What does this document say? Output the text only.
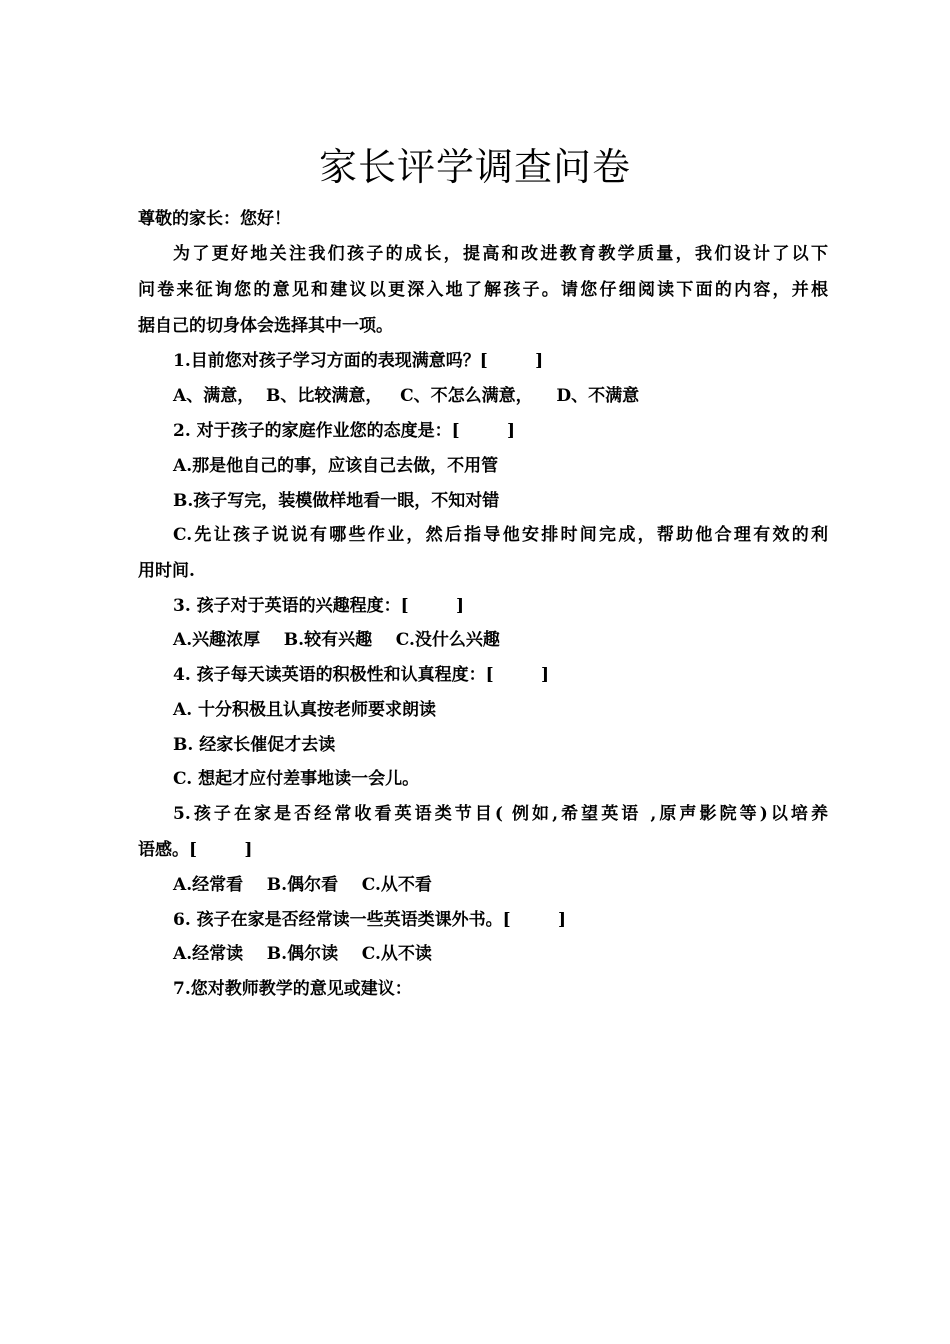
家长评学调查问卷
尊敬的家长：您好！
为了更好地关注我们孩子的成长，提高和改进教育教学质量，我们设计了以下
问卷来征询您的意见和建议以更深入地了解孩子。请您仔细阅读下面的内容，并根
据自己的切身体会选择其中一项。
1.目前您对孩子学习方面的表现满意吗？[        ]
A、满意，  B、比较满意，   C、不怎么满意，    D、不满意
2. 对于孩子的家庭作业您的态度是：[        ]
A.那是他自己的事，应该自己去做，不用管
B.孩子写完，装模做样地看一眼，不知对错
C.先让孩子说说有哪些作业，然后指导他安排时间完成，帮助他合理有效的利
用时间.
3. 孩子对于英语的兴趣程度：[        ]
A.兴趣浓厚    B.较有兴趣    C.没什么兴趣
4. 孩子每天读英语的积极性和认真程度：[        ]
A. 十分积极且认真按老师要求朗读
B. 经家长催促才去读
C. 想起才应付差事地读一会儿。
5.孩子在家是否经常收看英语类节目( 例如,希望英语 ,原声影院等)以培养
语感。[        ]
A.经常看    B.偶尔看    C.从不看
6. 孩子在家是否经常读一些英语类课外书。[        ]
A.经常读    B.偶尔读    C.从不读
7.您对教师教学的意见或建议：
